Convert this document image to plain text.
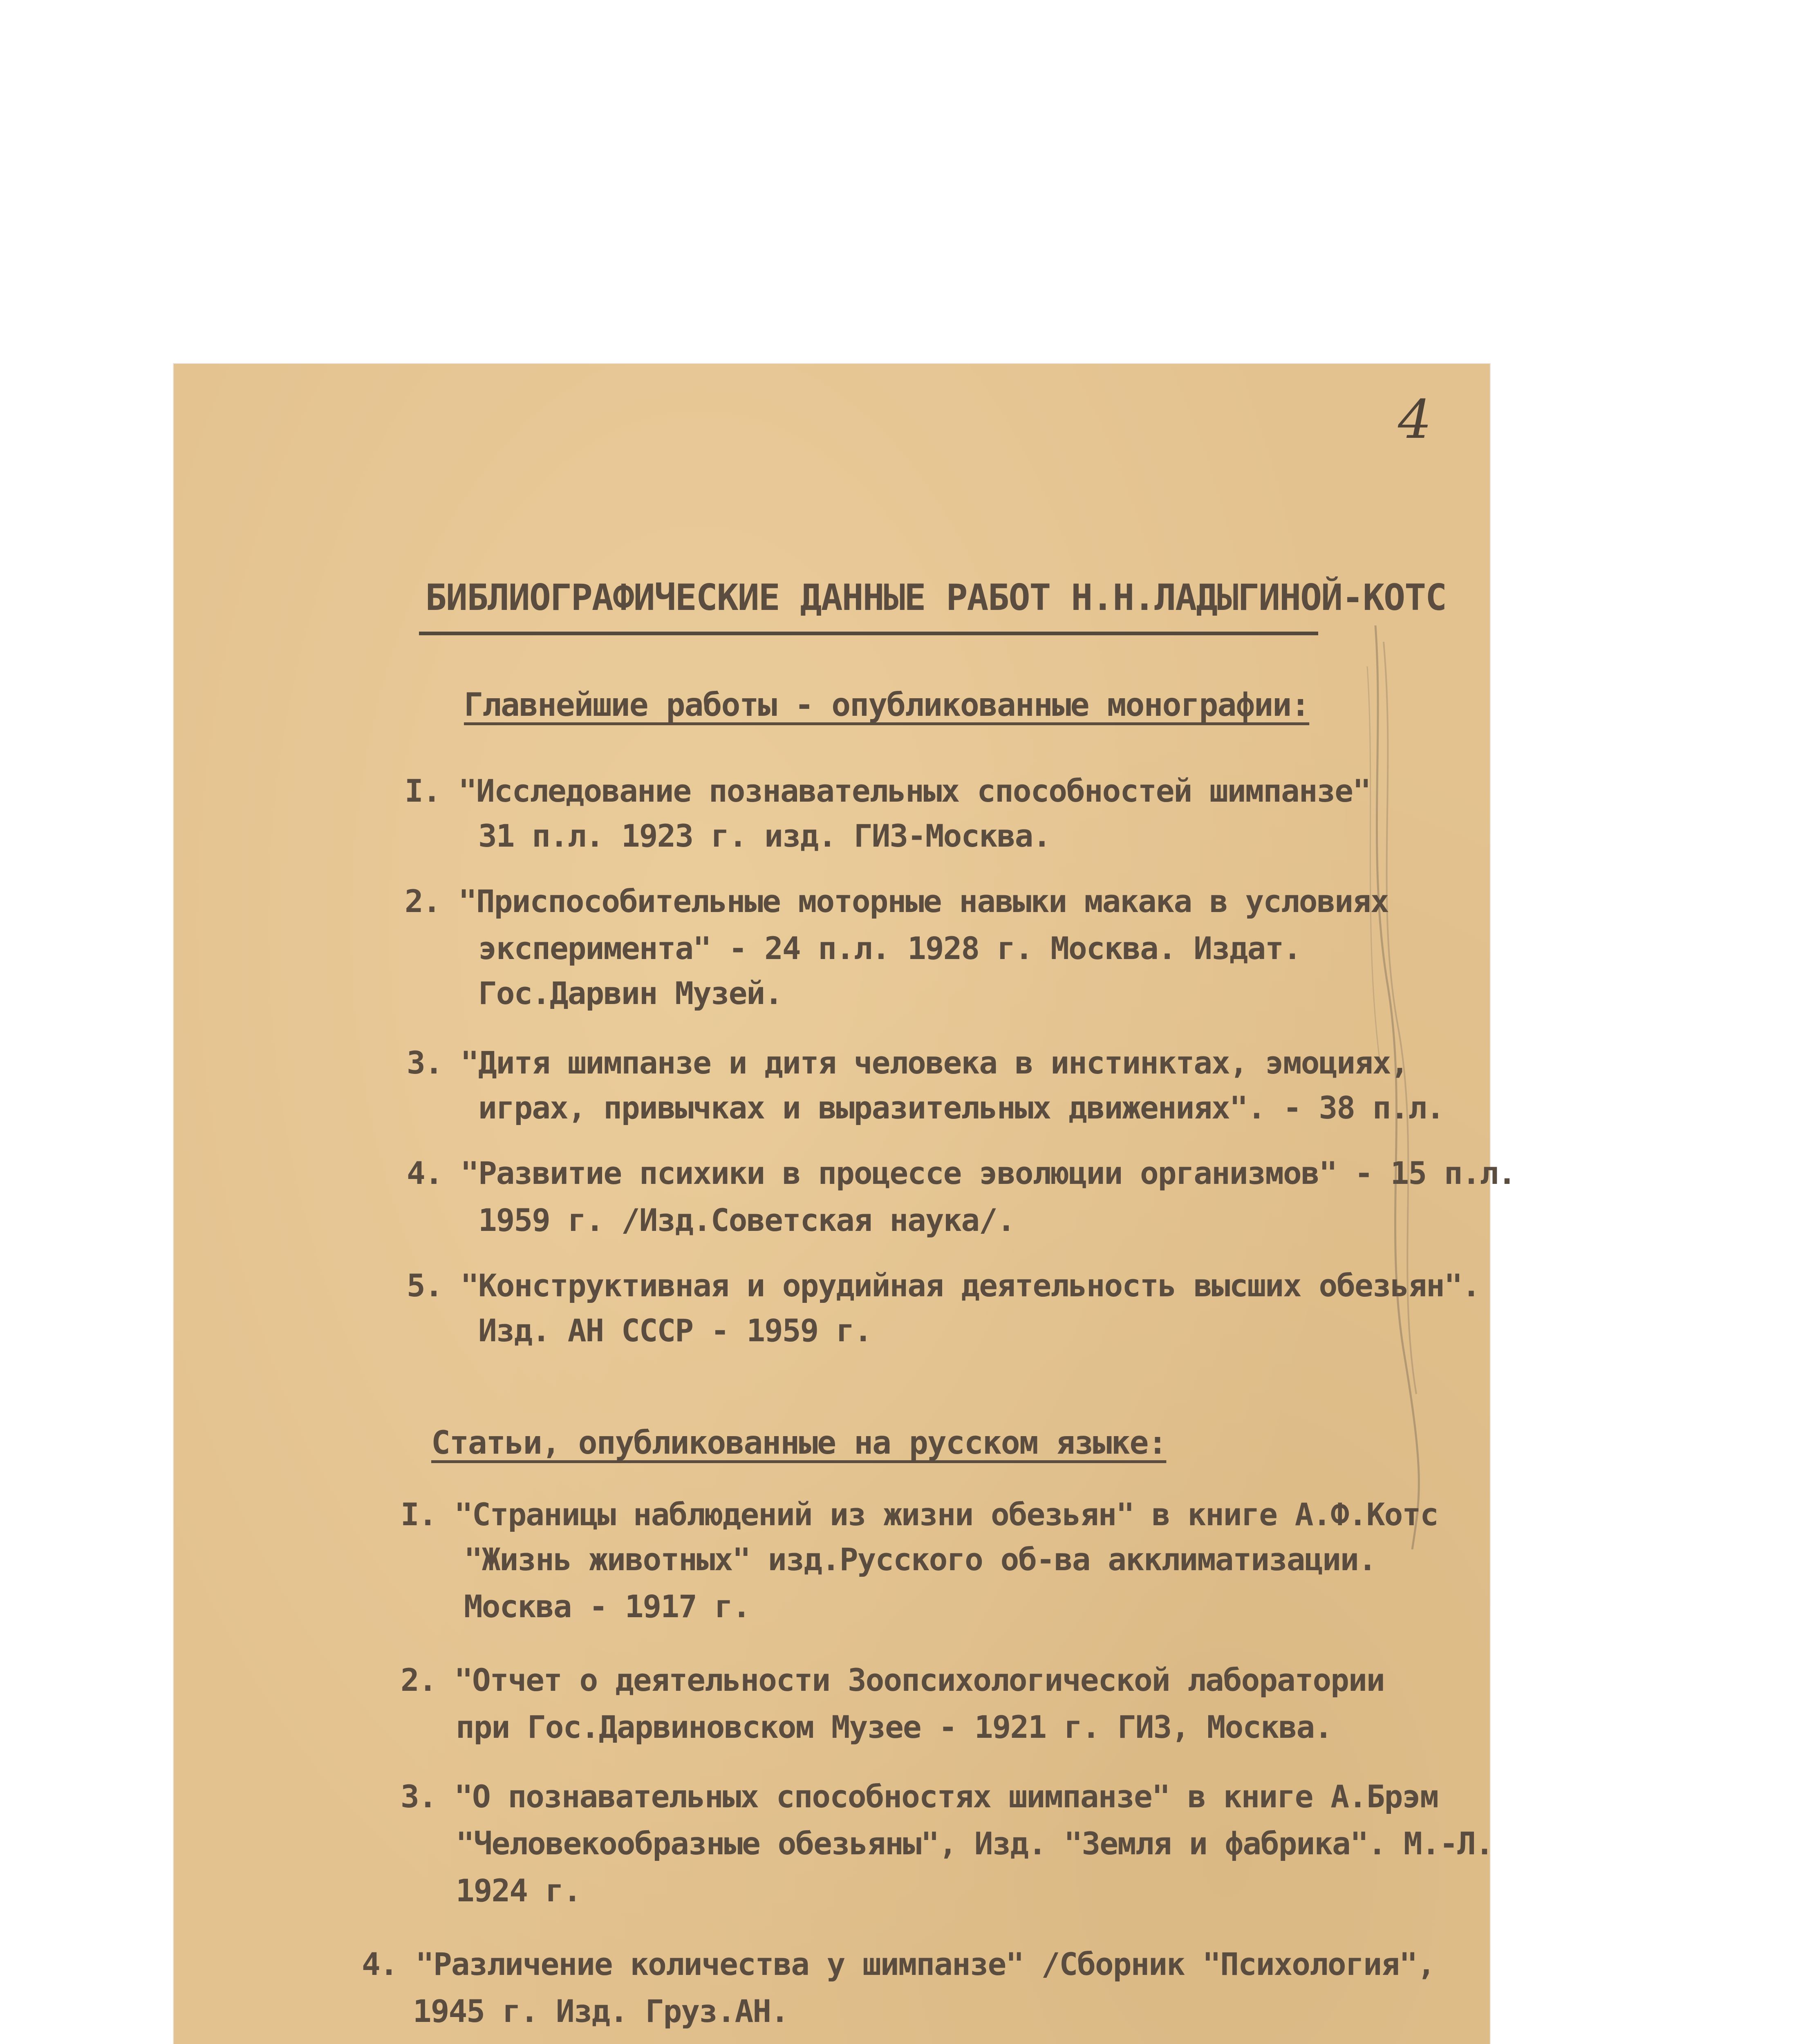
4
БИБЛИОГРАФИЧЕСКИЕ ДАННЫЕ РАБОТ Н.Н.ЛАДЫГИНОЙ-КОТС
Главнейшие работы - опубликованные монографии:
I. "Исследование познавательных способностей шимпанзе"
31 п.л. 1923 г. изд. ГИЗ-Москва.
2. "Приспособительные моторные навыки макака в условиях
эксперимента" - 24 п.л. 1928 г. Москва. Издат.
Гос.Дарвин Музей.
3. "Дитя шимпанзе и дитя человека в инстинктах, эмоциях,
играх, привычках и выразительных движениях". - 38 п.л.
4. "Развитие психики в процессе эволюции организмов" - 15 п.л.
1959 г. /Изд.Советская наука/.
5. "Конструктивная и орудийная деятельность высших обезьян".
Изд. АН СССР - 1959 г.
Статьи, опубликованные на русском языке:
I. "Страницы наблюдений из жизни обезьян" в книге А.Ф.Котс
"Жизнь животных" изд.Русского об-ва акклиматизации.
Москва - 1917 г.
2. "Отчет о деятельности Зоопсихологической лаборатории
при Гос.Дарвиновском Музее - 1921 г. ГИЗ, Москва.
3. "О познавательных способностях шимпанзе" в книге А.Брэм
"Человекообразные обезьяны", Изд. "Земля и фабрика". М.-Л.
1924 г.
4. "Различение количества у шимпанзе" /Сборник "Психология",
1945 г. Изд. Груз.АН.
